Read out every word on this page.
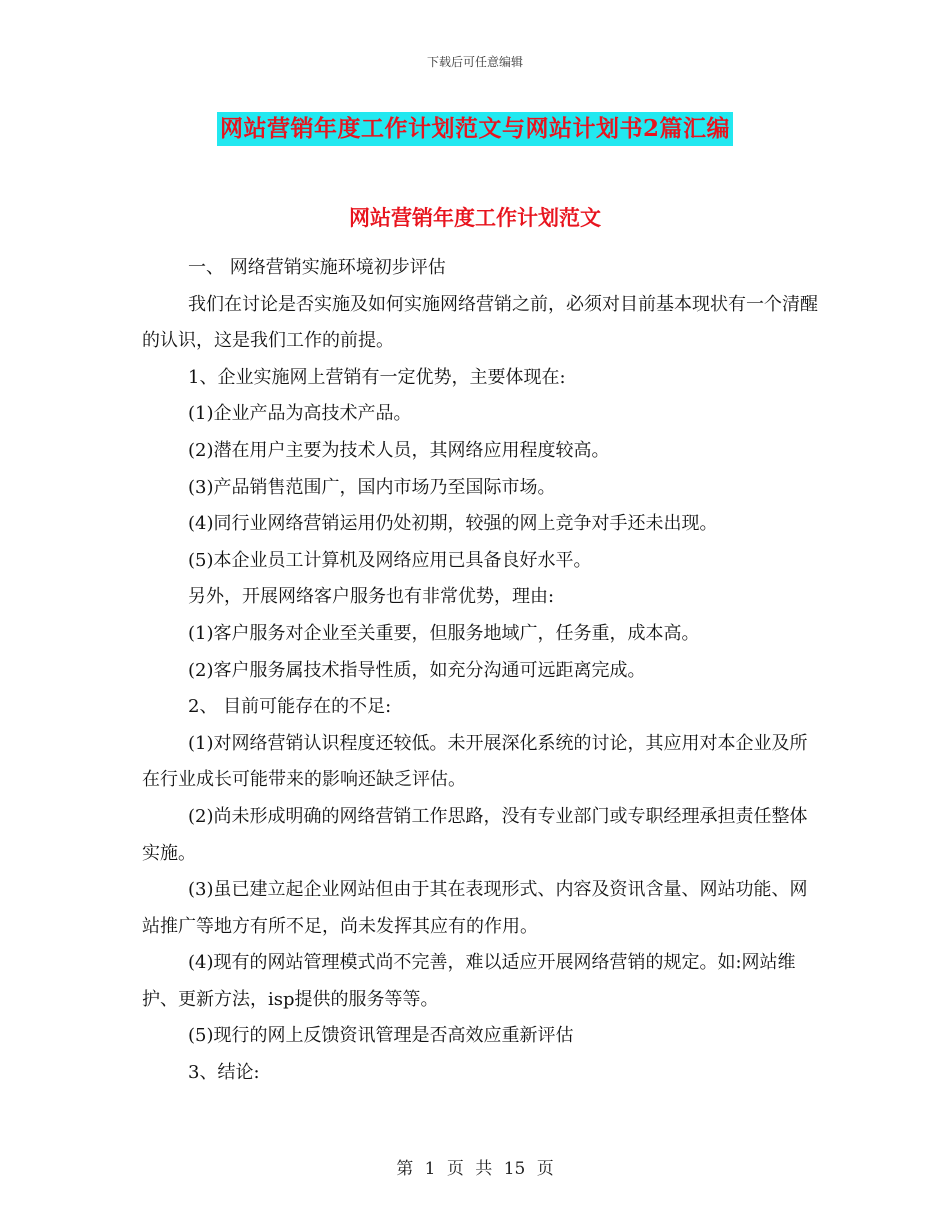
下载后可任意编辑
网站营销年度工作计划范文与网站计划书2篇汇编
网站营销年度工作计划范文

一、 网络营销实施环境初步评估

我们在讨论是否实施及如何实施网络营销之前，必须对目前基本现状有一个清醒的认识，这是我们工作的前提。

1、企业实施网上营销有一定优势，主要体现在:

(1)企业产品为高技术产品。

(2)潜在用户主要为技术人员，其网络应用程度较高。

(3)产品销售范围广，国内市场乃至国际市场。

(4)同行业网络营销运用仍处初期，较强的网上竞争对手还未出现。

(5)本企业员工计算机及网络应用已具备良好水平。

另外，开展网络客户服务也有非常优势，理由:

(1)客户服务对企业至关重要，但服务地域广，任务重，成本高。

(2)客户服务属技术指导性质，如充分沟通可远距离完成。

2、 目前可能存在的不足:

(1)对网络营销认识程度还较低。未开展深化系统的讨论，其应用对本企业及所在行业成长可能带来的影响还缺乏评估。

(2)尚未形成明确的网络营销工作思路，没有专业部门或专职经理承担责任整体实施。

(3)虽已建立起企业网站但由于其在表现形式、内容及资讯含量、网站功能、网站推广等地方有所不足，尚未发挥其应有的作用。

(4)现有的网站管理模式尚不完善，难以适应开展网络营销的规定。如:网站维护、更新方法，isp提供的服务等等。

(5)现行的网上反馈资讯管理是否高效应重新评估

3、结论:

第 1 页 共 15 页
